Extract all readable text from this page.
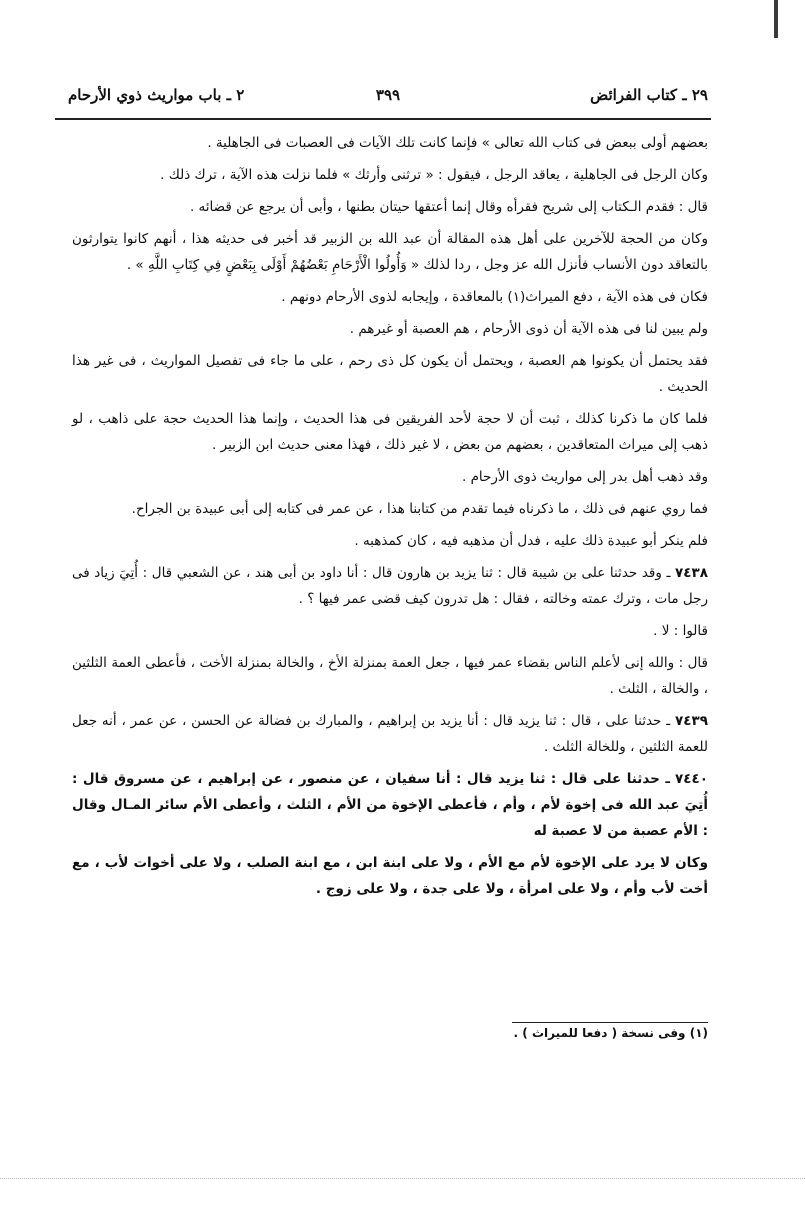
٢٩ ـ كتاب الفرائض
٣٩٩
٢ ـ باب مواريث ذوي الأرحام

بعضهم أولى ببعض فى كتاب الله تعالى » فإنما كانت تلك الآيات فى العصبات فى الجاهلية .

وكان الرجل فى الجاهلية ، يعاقد الرجل ، فيقول : « ترثنى وأرثك » فلما نزلت هذه الآية ، ترك ذلك .

قال : فقدم الـكتاب إلى شريح فقرأه وقال إنما أعتقها حيتان بطنها ، وأبى أن يرجع عن قضائه .

وكان من الحجة للآخرين على أهل هذه المقالة أن عبد الله بن الزبير قد أخبر فى حديثه هذا ، أنهم كانوا يتوارثون بالتعاقد دون الأنساب فأنزل الله عز وجل ، ردا لذلك « وَأُولُوا الْأَرْحَامِ بَعْضُهُمْ أَوْلَى بِبَعْضٍ فِي كِتَابِ اللَّهِ » .

فكان فى هذه الآية ، دفع الميراث(١) بالمعاقدة ، وإيجابه لذوى الأرحام دونهم .

ولم يبين لنا فى هذه الآية أن ذوى الأرحام ، هم العصبة أو غيرهم .

فقد يحتمل أن يكونوا هم العصبة ، ويحتمل أن يكون كل ذى رحم ، على ما جاء فى تفصيل المواريث ، فى غير هذا الحديث .

فلما كان ما ذكرنا كذلك ، ثبت أن لا حجة لأحد الفريقين فى هذا الحديث ، وإنما هذا الحديث حجة على ذاهب ، لو ذهب إلى ميراث المتعاقدين ، بعضهم من بعض ، لا غير ذلك ، فهذا معنى حديث ابن الزبير .

وقد ذهب أهل بدر إلى مواريث ذوى الأرحام .

فما روي عنهم فى ذلك ، ما ذكرناه فيما تقدم من كتابنا هذا ، عن عمر فى كتابه إلى أبى عبيدة بن الجراح.

فلم ينكر أبو عبيدة ذلك عليه ، فدل أن مذهبه فيه ، كان كمذهبه .

٧٤٣٨ ـ وقد حدثنا على بن شيبة قال : ثنا يزيد بن هارون قال : أنا داود بن أبى هند ، عن الشعبي قال : أُتِيَ زياد فى رجل مات ، وترك عمته وخالته ، فقال : هل تدرون كيف قضى عمر فيها ؟ .

قالوا : لا .

قال : والله إنى لأعلم الناس بقضاء عمر فيها ، جعل العمة بمنزلة الأخ ، والخالة بمنزلة الأخت ، فأعطى العمة الثلثين ، والخالة ، الثلث .

٧٤٣٩ ـ حدثنا على ، قال : ثنا يزيد قال : أنا يزيد بن إبراهيم ، والمبارك بن فضالة عن الحسن ، عن عمر ، أنه جعل للعمة الثلثين ، وللخالة الثلث .

٧٤٤٠ ـ حدثنا على قال : ثنا يزيد قال : أنا سفيان ، عن منصور ، عن إبراهيم ، عن مسروق قال : أُتِيَ عبد الله فى إخوة لأم ، وأم ، فأعطى الإخوة من الأم ، الثلث ، وأعطى الأم سائر المـال وقال : الأم عصبة من لا عصبة له

وكان لا يرد على الإخوة لأم مع الأم ، ولا على ابنة ابن ، مع ابنة الصلب ، ولا على أخوات لأب ، مع أخت لأب وأم ، ولا على امرأة ، ولا على جدة ، ولا على زوج .

(١) وفى نسخة ( دفعا للميراث ) .
